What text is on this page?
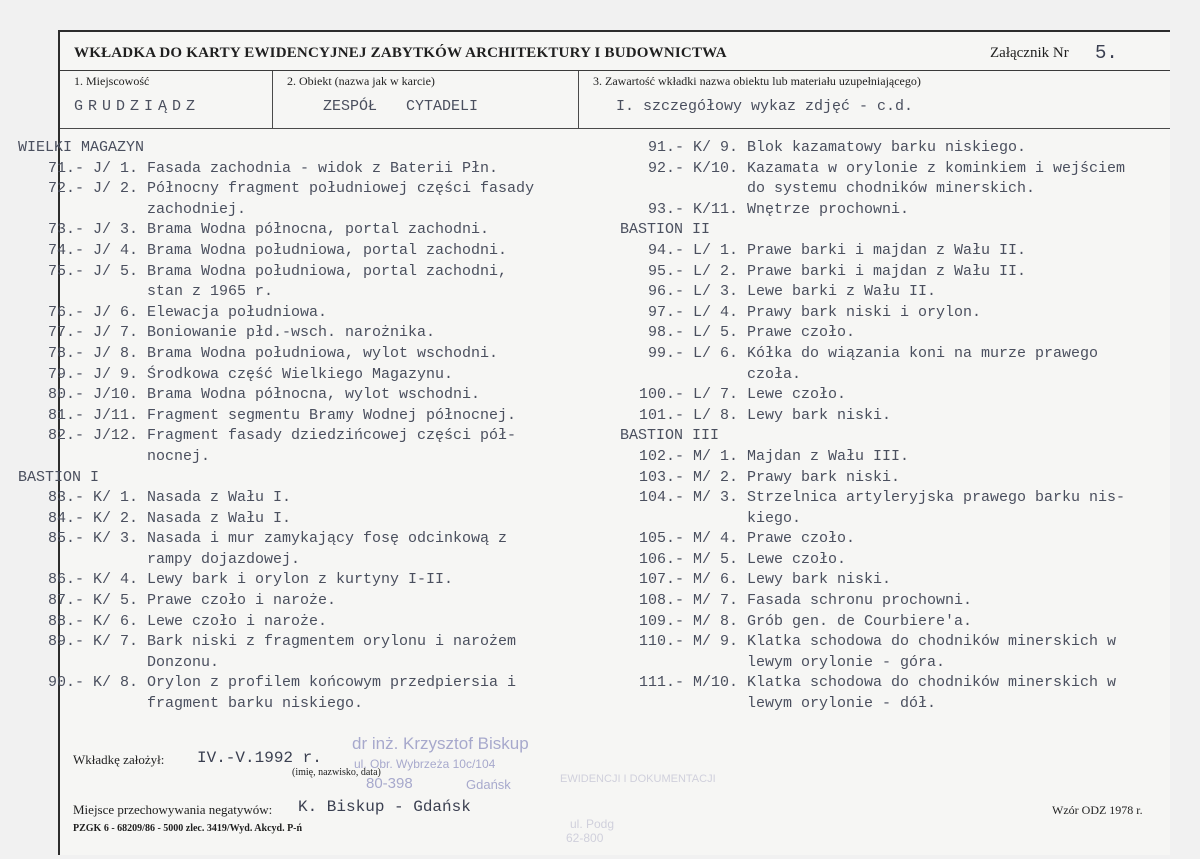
WKŁADKA DO KARTY EWIDENCYJNEJ ZABYTKÓW ARCHITEKTURY I BUDOWNICTWA	Załącznik Nr 5.
1. Miejscowość
GRUDZIĄDZ
2. Obiekt (nazwa jak w karcie)
ZESPÓŁ CYTADELI
3. Zawartość wkładki nazwa obiektu lub materiału uzupełniającego)
I. szczegółowy wykaz zdjęć - c.d.
WIELKI MAGAZYN
71.- J/ 1. Fasada zachodnia - widok z Baterii Płn.
72.- J/ 2. Północny fragment południowej części fasady
zachodniej.
73.- J/ 3. Brama Wodna północna, portal zachodni.
74.- J/ 4. Brama Wodna południowa, portal zachodni.
75.- J/ 5. Brama Wodna południowa, portal zachodni,
stan z 1965 r.
76.- J/ 6. Elewacja południowa.
77.- J/ 7. Boniowanie płd.-wsch. narożnika.
78.- J/ 8. Brama Wodna południowa, wylot wschodni.
79.- J/ 9. Środkowa część Wielkiego Magazynu.
80.- J/10. Brama Wodna północna, wylot wschodni.
81.- J/11. Fragment segmentu Bramy Wodnej północnej.
82.- J/12. Fragment fasady dziedzińcowej części pół-
nocnej.
BASTION I
83.- K/ 1. Nasada z Wału I.
84.- K/ 2. Nasada z Wału I.
85.- K/ 3. Nasada i mur zamykający fosę odcinkową z
rampy dojazdowej.
86.- K/ 4. Lewy bark i orylon z kurtyny I-II.
87.- K/ 5. Prawe czoło i naroże.
88.- K/ 6. Lewe czoło i naroże.
89.- K/ 7. Bark niski z fragmentem orylonu i narożem
Donzonu.
90.- K/ 8. Orylon z profilem końcowym przedpiersia i
fragment barku niskiego.
91.- K/ 9. Blok kazamatowy barku niskiego.
92.- K/10. Kazamata w orylonie z kominkiem i wejściem
do systemu chodników minerskich.
93.- K/11. Wnętrze prochowni.
BASTION II
94.- L/ 1. Prawe barki i majdan z Wału II.
95.- L/ 2. Prawe barki i majdan z Wału II.
96.- L/ 3. Lewe barki z Wału II.
97.- L/ 4. Prawy bark niski i orylon.
98.- L/ 5. Prawe czoło.
99.- L/ 6. Kółka do wiązania koni na murze prawego
czoła.
100.- L/ 7. Lewe czoło.
101.- L/ 8. Lewy bark niski.
BASTION III
102.- M/ 1. Majdan z Wału III.
103.- M/ 2. Prawy bark niski.
104.- M/ 3. Strzelnica artyleryjska prawego barku nis-
kiego.
105.- M/ 4. Prawe czoło.
106.- M/ 5. Lewe czoło.
107.- M/ 6. Lewy bark niski.
108.- M/ 7. Fasada schronu prochowni.
109.- M/ 8. Grób gen. de Courbiere'a.
110.- M/ 9. Klatka schodowa do chodników minerskich w
lewym orylonie - góra.
111.- M/10. Klatka schodowa do chodników minerskich w
lewym orylonie - dół.
Wkładkę założył: IV.-V.1992 r.
(imię, nazwisko, data)
Miejsce przechowywania negatywów: K. Biskup - Gdańsk
PZGK 6 - 68209/86 - 5000 zlec. 3419/Wyd. Akcyd. P-ń
Wzór ODZ 1978 r.
dr inż. Krzysztof Biskup
ul. Obr. Wybrzeża 10c/104
80-398	Gdańsk	EWIDENCJI I DOKUMENTACJI
ul. Podg
62-800
